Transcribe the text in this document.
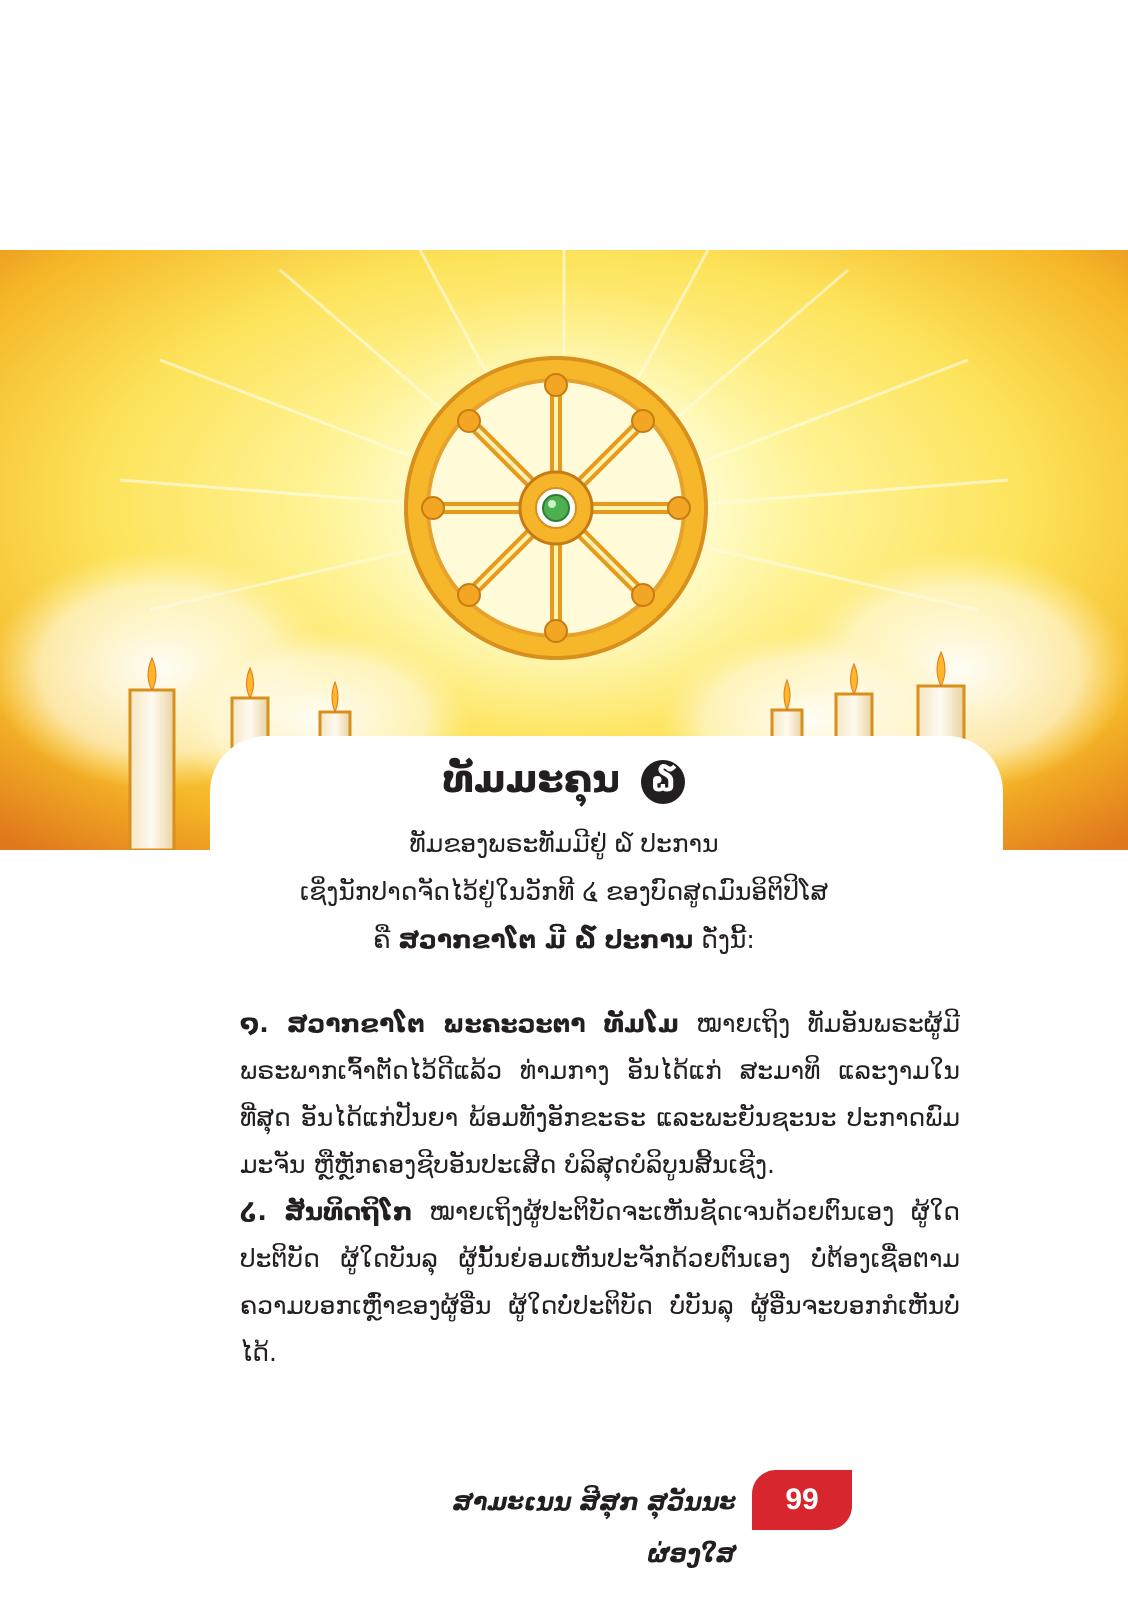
ທັມມະຄຸນ ໖

ທັມຂອງພຣະທັມມີຢູ່ ໖ ປະການ

ເຊິ່ງນັກປາດຈັດໄວ້ຢູ່ໃນວັກທີ ໔ ຂອງບົດສູດມົນອິຕິປິໂສ

ຄື ສວາກຂາໂຕ ມີ ໖ ປະການ ດັ່ງນີ້:

໑. ສວາກຂາໂຕ ພະຄະວະຕາ ທັມໂມ ໝາຍເຖິງ ທັມອັນພຣະຜູ້ມີພຣະພາກເຈົ້າຕັດໄວ້ດີແລ້ວ ທ່າມກາງ ອັນໄດ້ແກ່ ສະມາທິ ແລະງາມໃນທີ່ສຸດ ອັນໄດ້ແກ່ປັນຍາ ພ້ອມທັງອັກຂະຣະ ແລະພະຍັນຊະນະ ປະກາດພົມມະຈັນ ຫຼືຫຼັກຄອງຊີບອັນປະເສີດ ບໍລິສຸດບໍລິບູນສິ້ນເຊີງ.

໒. ສັນທິດຖິໂກ ໝາຍເຖິງຜູ້ປະຕິບັດຈະເຫັນຊັດເຈນດ້ວຍຕົນເອງ ຜູ້ໃດປະຕິບັດ ຜູ້ໃດບັນລຸ ຜູ້ນັ້ນຍ່ອມເຫັນປະຈັກດ້ວຍຕົນເອງ ບໍ່ຕ້ອງເຊື່ອຕາມຄວາມບອກເຫຼົ່າຂອງຜູ້ອື່ນ ຜູ້ໃດບໍ່ປະຕິບັດ ບໍ່ບັນລຸ ຜູ້ອື່ນຈະບອກກໍເຫັນບໍ່ໄດ້.

ສາມະເນນ ສີສຸກ ສຸວັນນະຜ່ອງໃສ
99
